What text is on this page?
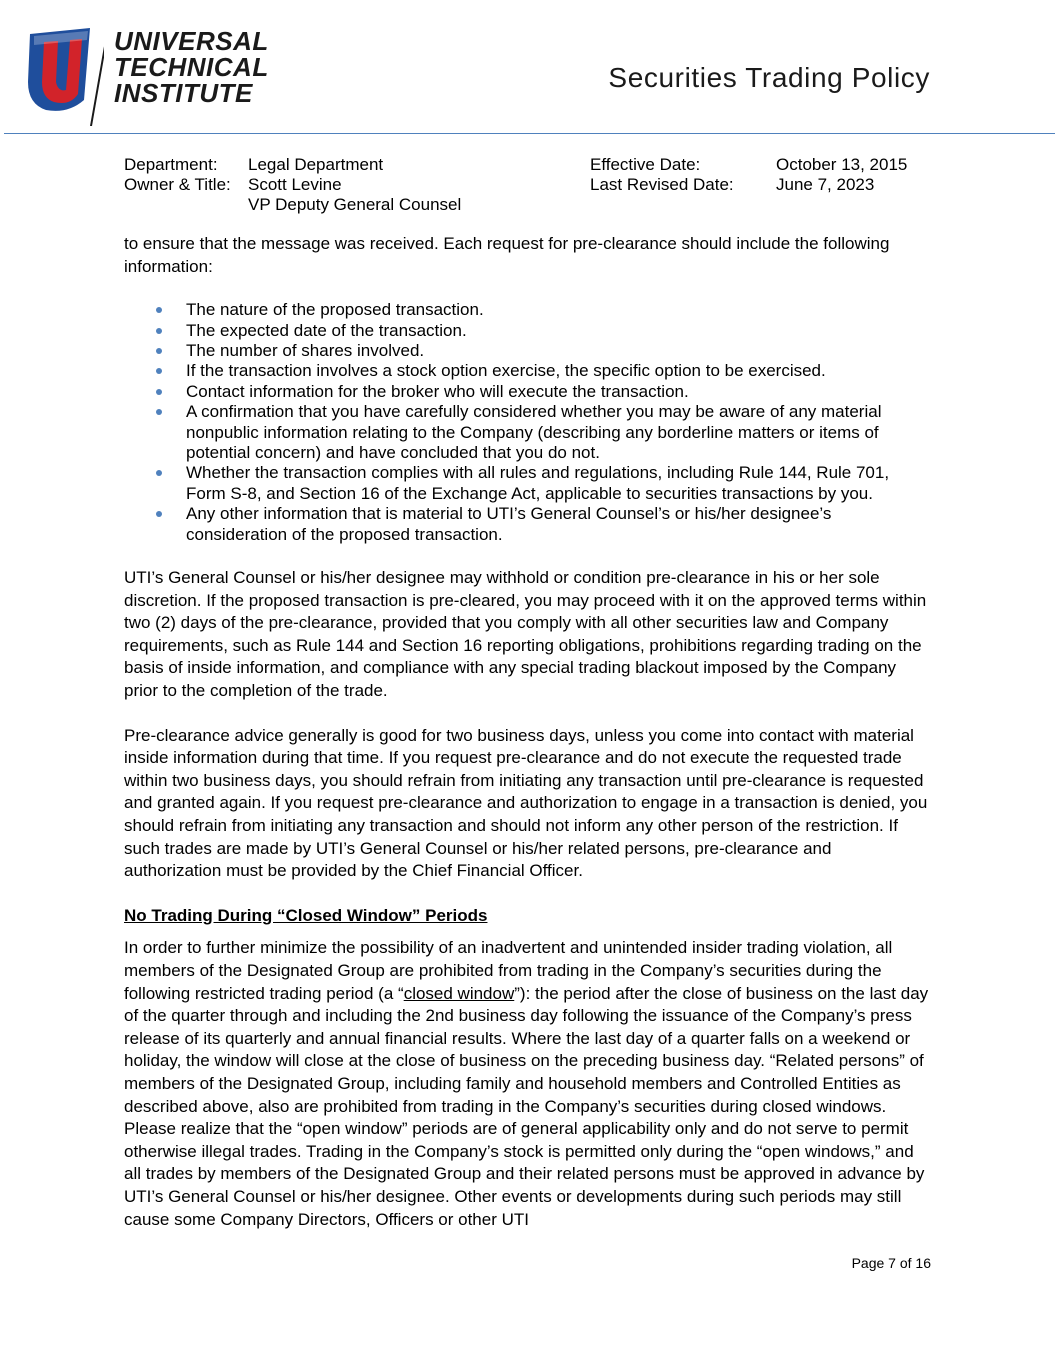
UNIVERSAL
TECHNICAL
INSTITUTE	Securities Trading Policy
Department: Legal Department
Owner & Title: Scott Levine
VP Deputy General Counsel
Effective Date:	October 13, 2015
Last Revised Date: June 7, 2023

to ensure that the message was received. Each request for pre-clearance should include the following information:

The nature of the proposed transaction.
The expected date of the transaction.
The number of shares involved.
If the transaction involves a stock option exercise, the specific option to be exercised.
Contact information for the broker who will execute the transaction.
A confirmation that you have carefully considered whether you may be aware of any material nonpublic information relating to the Company (describing any borderline matters or items of potential concern) and have concluded that you do not.
Whether the transaction complies with all rules and regulations, including Rule 144, Rule 701, Form S-8, and Section 16 of the Exchange Act, applicable to securities transactions by you.
Any other information that is material to UTI’s General Counsel’s or his/her designee’s consideration of the proposed transaction.

UTI’s General Counsel or his/her designee may withhold or condition pre-clearance in his or her sole discretion. If the proposed transaction is pre-cleared, you may proceed with it on the approved terms within two (2) days of the pre-clearance, provided that you comply with all other securities law and Company requirements, such as Rule 144 and Section 16 reporting obligations, prohibitions regarding trading on the basis of inside information, and compliance with any special trading blackout imposed by the Company prior to the completion of the trade.

Pre-clearance advice generally is good for two business days, unless you come into contact with material inside information during that time. If you request pre-clearance and do not execute the requested trade within two business days, you should refrain from initiating any transaction until pre-clearance is requested and granted again. If you request pre-clearance and authorization to engage in a transaction is denied, you should refrain from initiating any transaction and should not inform any other person of the restriction. If such trades are made by UTI’s General Counsel or his/her related persons, pre-clearance and authorization must be provided by the Chief Financial Officer.

No Trading During “Closed Window” Periods

In order to further minimize the possibility of an inadvertent and unintended insider trading violation, all members of the Designated Group are prohibited from trading in the Company’s securities during the following restricted trading period (a “closed window”): the period after the close of business on the last day of the quarter through and including the 2nd business day following the issuance of the Company’s press release of its quarterly and annual financial results. Where the last day of a quarter falls on a weekend or holiday, the window will close at the close of business on the preceding business day. “Related persons” of members of the Designated Group, including family and household members and Controlled Entities as described above, also are prohibited from trading in the Company’s securities during closed windows. Please realize that the “open window” periods are of general applicability only and do not serve to permit otherwise illegal trades. Trading in the Company’s stock is permitted only during the “open windows,” and all trades by members of the Designated Group and their related persons must be approved in advance by UTI’s General Counsel or his/her designee. Other events or developments during such periods may still cause some Company Directors, Officers or other UTI

Page 7 of 16
